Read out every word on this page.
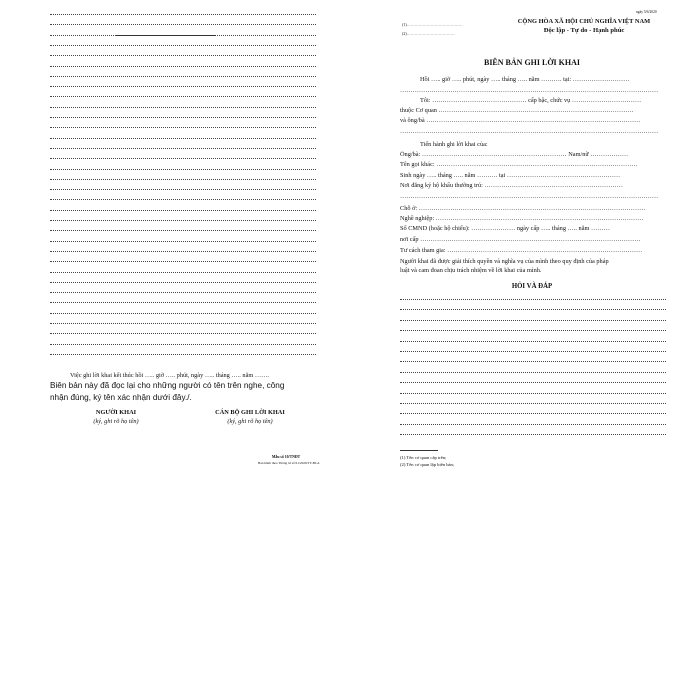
Việc ghi lời khai kết thúc hồi ….. giờ ….. phút, ngày ….. tháng ….. năm …….
Biên bản này đã đọc lại cho những người có tên trên nghe, công
nhận đúng, ký tên xác nhận dưới đây./.
NGƯỜI KHAI
(ký, ghi rõ họ tên)
CÁN BỘ GHI LỜI KHAI
(ký, ghi rõ họ tên)
Mẫu số 10/TNĐT
Ban hành theo Thông tư số 61/2020/TT-BCA
ngày 5/6/2020
(1)……………………………………
(2)………………………………
CỘNG HÒA XÃ HỘI CHỦ NGHĨA VIỆT NAM
Độc lập - Tự do - Hạnh phúc
BIÊN BẢN GHI LỜI KHAI
Hồi ….. giờ ….. phút, ngày ….. tháng ….. năm ………. tại: ………………………
……………………………………………………………………………………………………………
Tôi: ……………………………………… cấp bậc, chức vụ ……………………………
thuộc Cơ quan …………………………………………………………………………………
và ông/bà …………………………………………………………………………………………
……………………………………………………………………………………………………………
Tiến hành ghi lời khai của:
Ông/bà: …………………………………………………………… Nam/nữ ………………
Tên gọi khác: ……………………………………………………………………………………
Sinh ngày ….. tháng ….. năm ………. tại ………………………………………………
Nơi đăng ký hộ khẩu thường trú: …………………………………………………………
……………………………………………………………………………………………………………
Chỗ ở: ………………………………………………………………………………………………
Nghề nghiệp: ………………………………………………………………………………………
Số CMND (hoặc hộ chiếu): ………………… ngày cấp ….. tháng ….. năm ………
nơi cấp ……………………………………………………………………………………………
Tư cách tham gia: …………………………………………………………………………………
Người khai đã được giải thích quyền và nghĩa vụ của mình theo quy định của pháp
luật và cam đoan chịu trách nhiệm về lời khai của mình.
HỎI VÀ ĐÁP
(1) Tên cơ quan cấp trên;
(2) Tên cơ quan lập biên bản;
